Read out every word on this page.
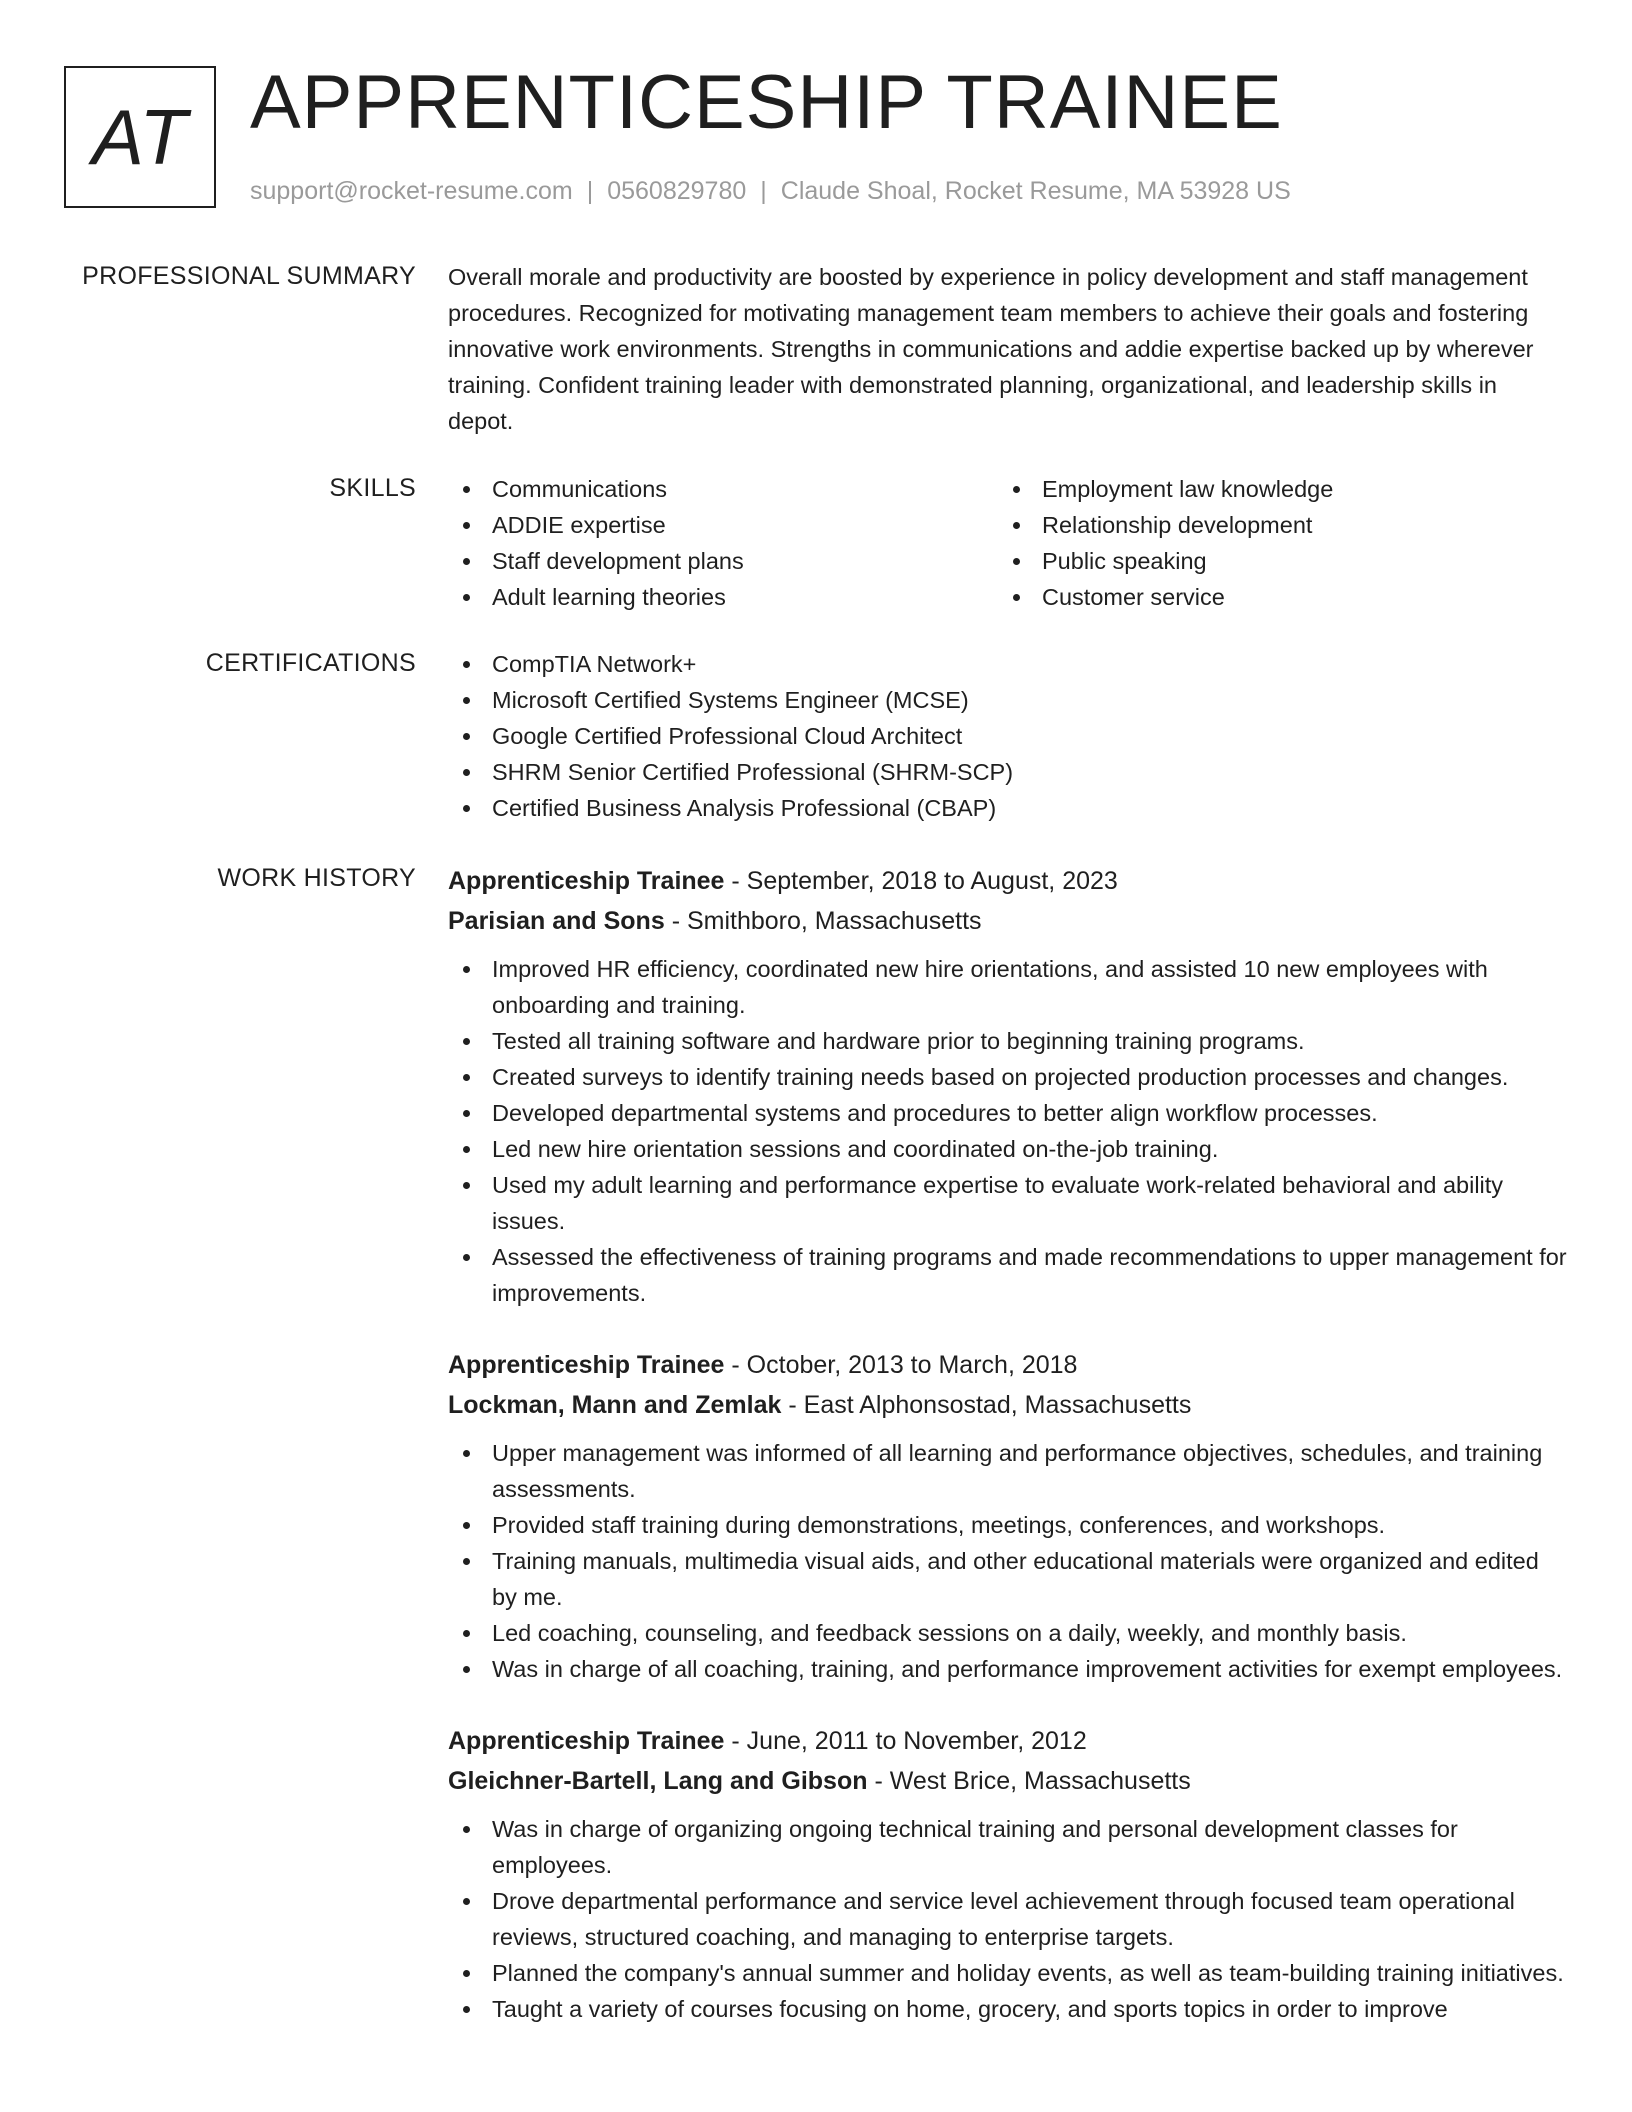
AT APPRENTICESHIP TRAINEE
support@rocket-resume.com | 0560829780 | Claude Shoal, Rocket Resume, MA 53928 US
PROFESSIONAL SUMMARY Overall morale and productivity are boosted by experience in policy development and staff management procedures. Recognized for motivating management team members to achieve their goals and fostering innovative work environments. Strengths in communications and addie expertise backed up by wherever training. Confident training leader with demonstrated planning, organizational, and leadership skills in depot.
SKILLS	Communications
ADDIE expertise
Staff development plans
Adult learning theories
Employment law knowledge
Relationship development
Public speaking
Customer service
CERTIFICATIONS	CompTIA Network+
Microsoft Certified Systems Engineer (MCSE)
Google Certified Professional Cloud Architect
SHRM Senior Certified Professional (SHRM-SCP)
Certified Business Analysis Professional (CBAP)
WORK HISTORY Apprenticeship Trainee - September, 2018 to August, 2023
Parisian and Sons - Smithboro, Massachusetts
Improved HR efficiency, coordinated new hire orientations, and assisted 10 new employees with onboarding and training.
Tested all training software and hardware prior to beginning training programs.
Created surveys to identify training needs based on projected production processes and changes.
Developed departmental systems and procedures to better align workflow processes.
Led new hire orientation sessions and coordinated on-the-job training.
Used my adult learning and performance expertise to evaluate work-related behavioral and ability issues.
Assessed the effectiveness of training programs and made recommendations to upper management for improvements.
Apprenticeship Trainee - October, 2013 to March, 2018
Lockman, Mann and Zemlak - East Alphonsostad, Massachusetts
Upper management was informed of all learning and performance objectives, schedules, and training assessments.
Provided staff training during demonstrations, meetings, conferences, and workshops.
Training manuals, multimedia visual aids, and other educational materials were organized and edited by me.
Led coaching, counseling, and feedback sessions on a daily, weekly, and monthly basis.
Was in charge of all coaching, training, and performance improvement activities for exempt employees.
Apprenticeship Trainee - June, 2011 to November, 2012
Gleichner-Bartell, Lang and Gibson - West Brice, Massachusetts
Was in charge of organizing ongoing technical training and personal development classes for employees.
Drove departmental performance and service level achievement through focused team operational reviews, structured coaching, and managing to enterprise targets.
Planned the company's annual summer and holiday events, as well as team-building training initiatives.
Taught a variety of courses focusing on home, grocery, and sports topics in order to improve
